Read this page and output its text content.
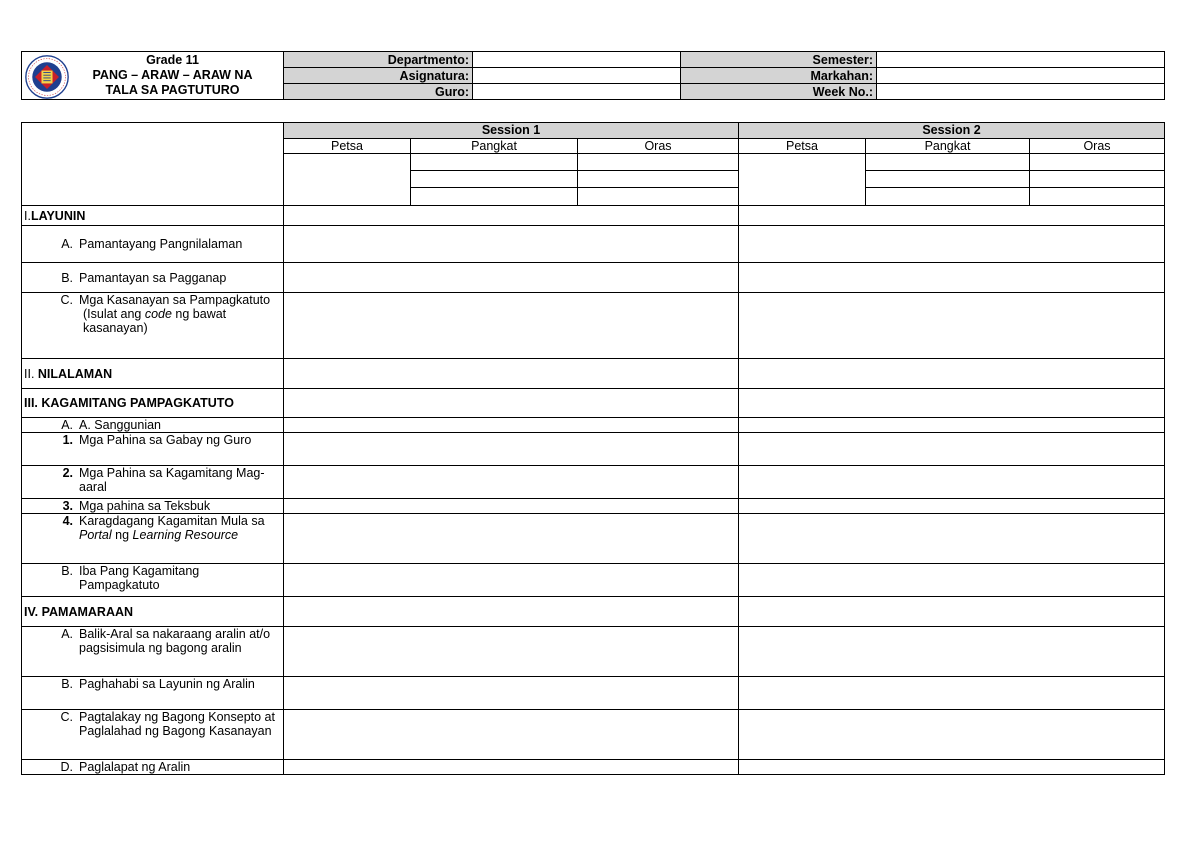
Grade 11
PANG – ARAW – ARAW NA
TALA SA PAGTUTURO	Departmento:		Semester:	
	Asignatura:		Markahan:	
	Guro:		Week No.:	
	Session 1			Session 2		
	Petsa	Pangkat	Oras	Petsa	Pangkat	Oras

I.LAYUNIN						

A. Pamantayang Pangnilalaman						

B. Pamantayan sa Pagganap						

C. Mga Kasanayan sa Pampagkatuto
(Isulat ang code ng bawat kasanayan)						

II. NILALAMAN						
III. KAGAMITANG PAMPAGKATUTO						

A. A. Sanggunian						

1. Mga Pahina sa Gabay ng Guro						

2. Mga Pahina sa Kagamitang Mag-aaral						

3. Mga pahina sa Teksbuk						

4. Karagdagang Kagamitan Mula sa Portal ng Learning Resource						

B. Iba Pang Kagamitang Pampagkatuto						

IV. PAMAMARAAN						

A. Balik-Aral sa nakaraang aralin at/o pagsisimula ng bagong aralin						

B. Paghahabi sa Layunin ng Aralin						

C. Pagtalakay ng Bagong Konsepto at Paglalahad ng Bagong Kasanayan						

D. Paglalapat ng Aralin						
